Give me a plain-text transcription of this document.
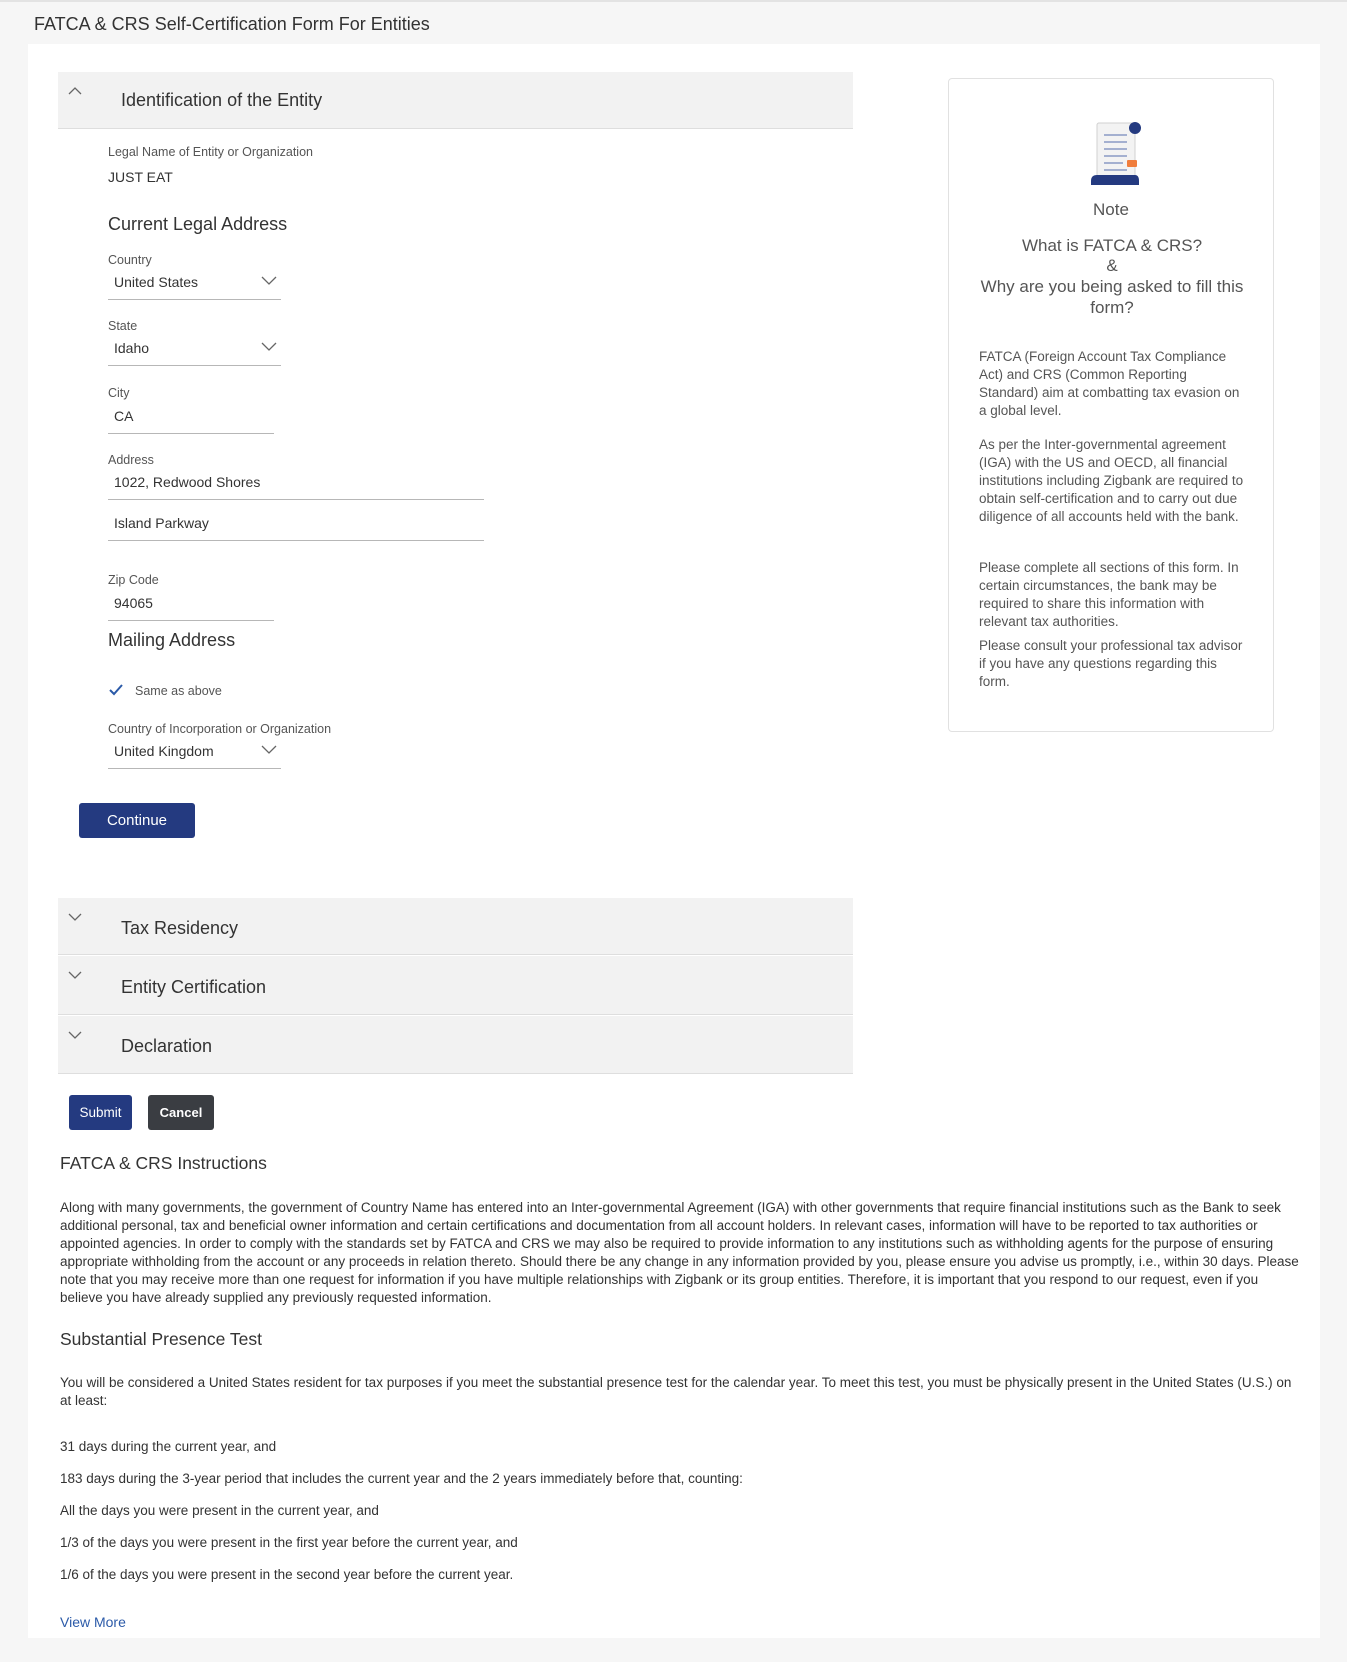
FATCA & CRS Self-Certification Form For Entities
Identification of the Entity
Legal Name of Entity or Organization
JUST EAT
Current Legal Address
Country
United States
State
Idaho
City
CA
Address
1022, Redwood Shores
Island Parkway
Zip Code
94065
Mailing Address
Same as above
Country of Incorporation or Organization
United Kingdom
Continue
Tax Residency
Entity Certification
Declaration
Submit	Cancel
Note
What is FATCA & CRS?
&
Why are you being asked to fill this form?
FATCA (Foreign Account Tax Compliance Act) and CRS (Common Reporting Standard) aim at combatting tax evasion on a global level.
As per the Inter-governmental agreement (IGA) with the US and OECD, all financial institutions including Zigbank are required to obtain self-certification and to carry out due diligence of all accounts held with the bank.
Please complete all sections of this form. In certain circumstances, the bank may be required to share this information with relevant tax authorities.
Please consult your professional tax advisor if you have any questions regarding this form.
FATCA & CRS Instructions
Along with many governments, the government of Country Name has entered into an Inter-governmental Agreement (IGA) with other governments that require financial institutions such as the Bank to seek additional personal, tax and beneficial owner information and certain certifications and documentation from all account holders. In relevant cases, information will have to be reported to tax authorities or appointed agencies. In order to comply with the standards set by FATCA and CRS we may also be required to provide information to any institutions such as withholding agents for the purpose of ensuring appropriate withholding from the account or any proceeds in relation thereto. Should there be any change in any information provided by you, please ensure you advise us promptly, i.e., within 30 days. Please note that you may receive more than one request for information if you have multiple relationships with Zigbank or its group entities. Therefore, it is important that you respond to our request, even if you believe you have already supplied any previously requested information.
Substantial Presence Test
You will be considered a United States resident for tax purposes if you meet the substantial presence test for the calendar year. To meet this test, you must be physically present in the United States (U.S.) on at least:
31 days during the current year, and
183 days during the 3-year period that includes the current year and the 2 years immediately before that, counting:
All the days you were present in the current year, and
1/3 of the days you were present in the first year before the current year, and
1/6 of the days you were present in the second year before the current year.
View More
